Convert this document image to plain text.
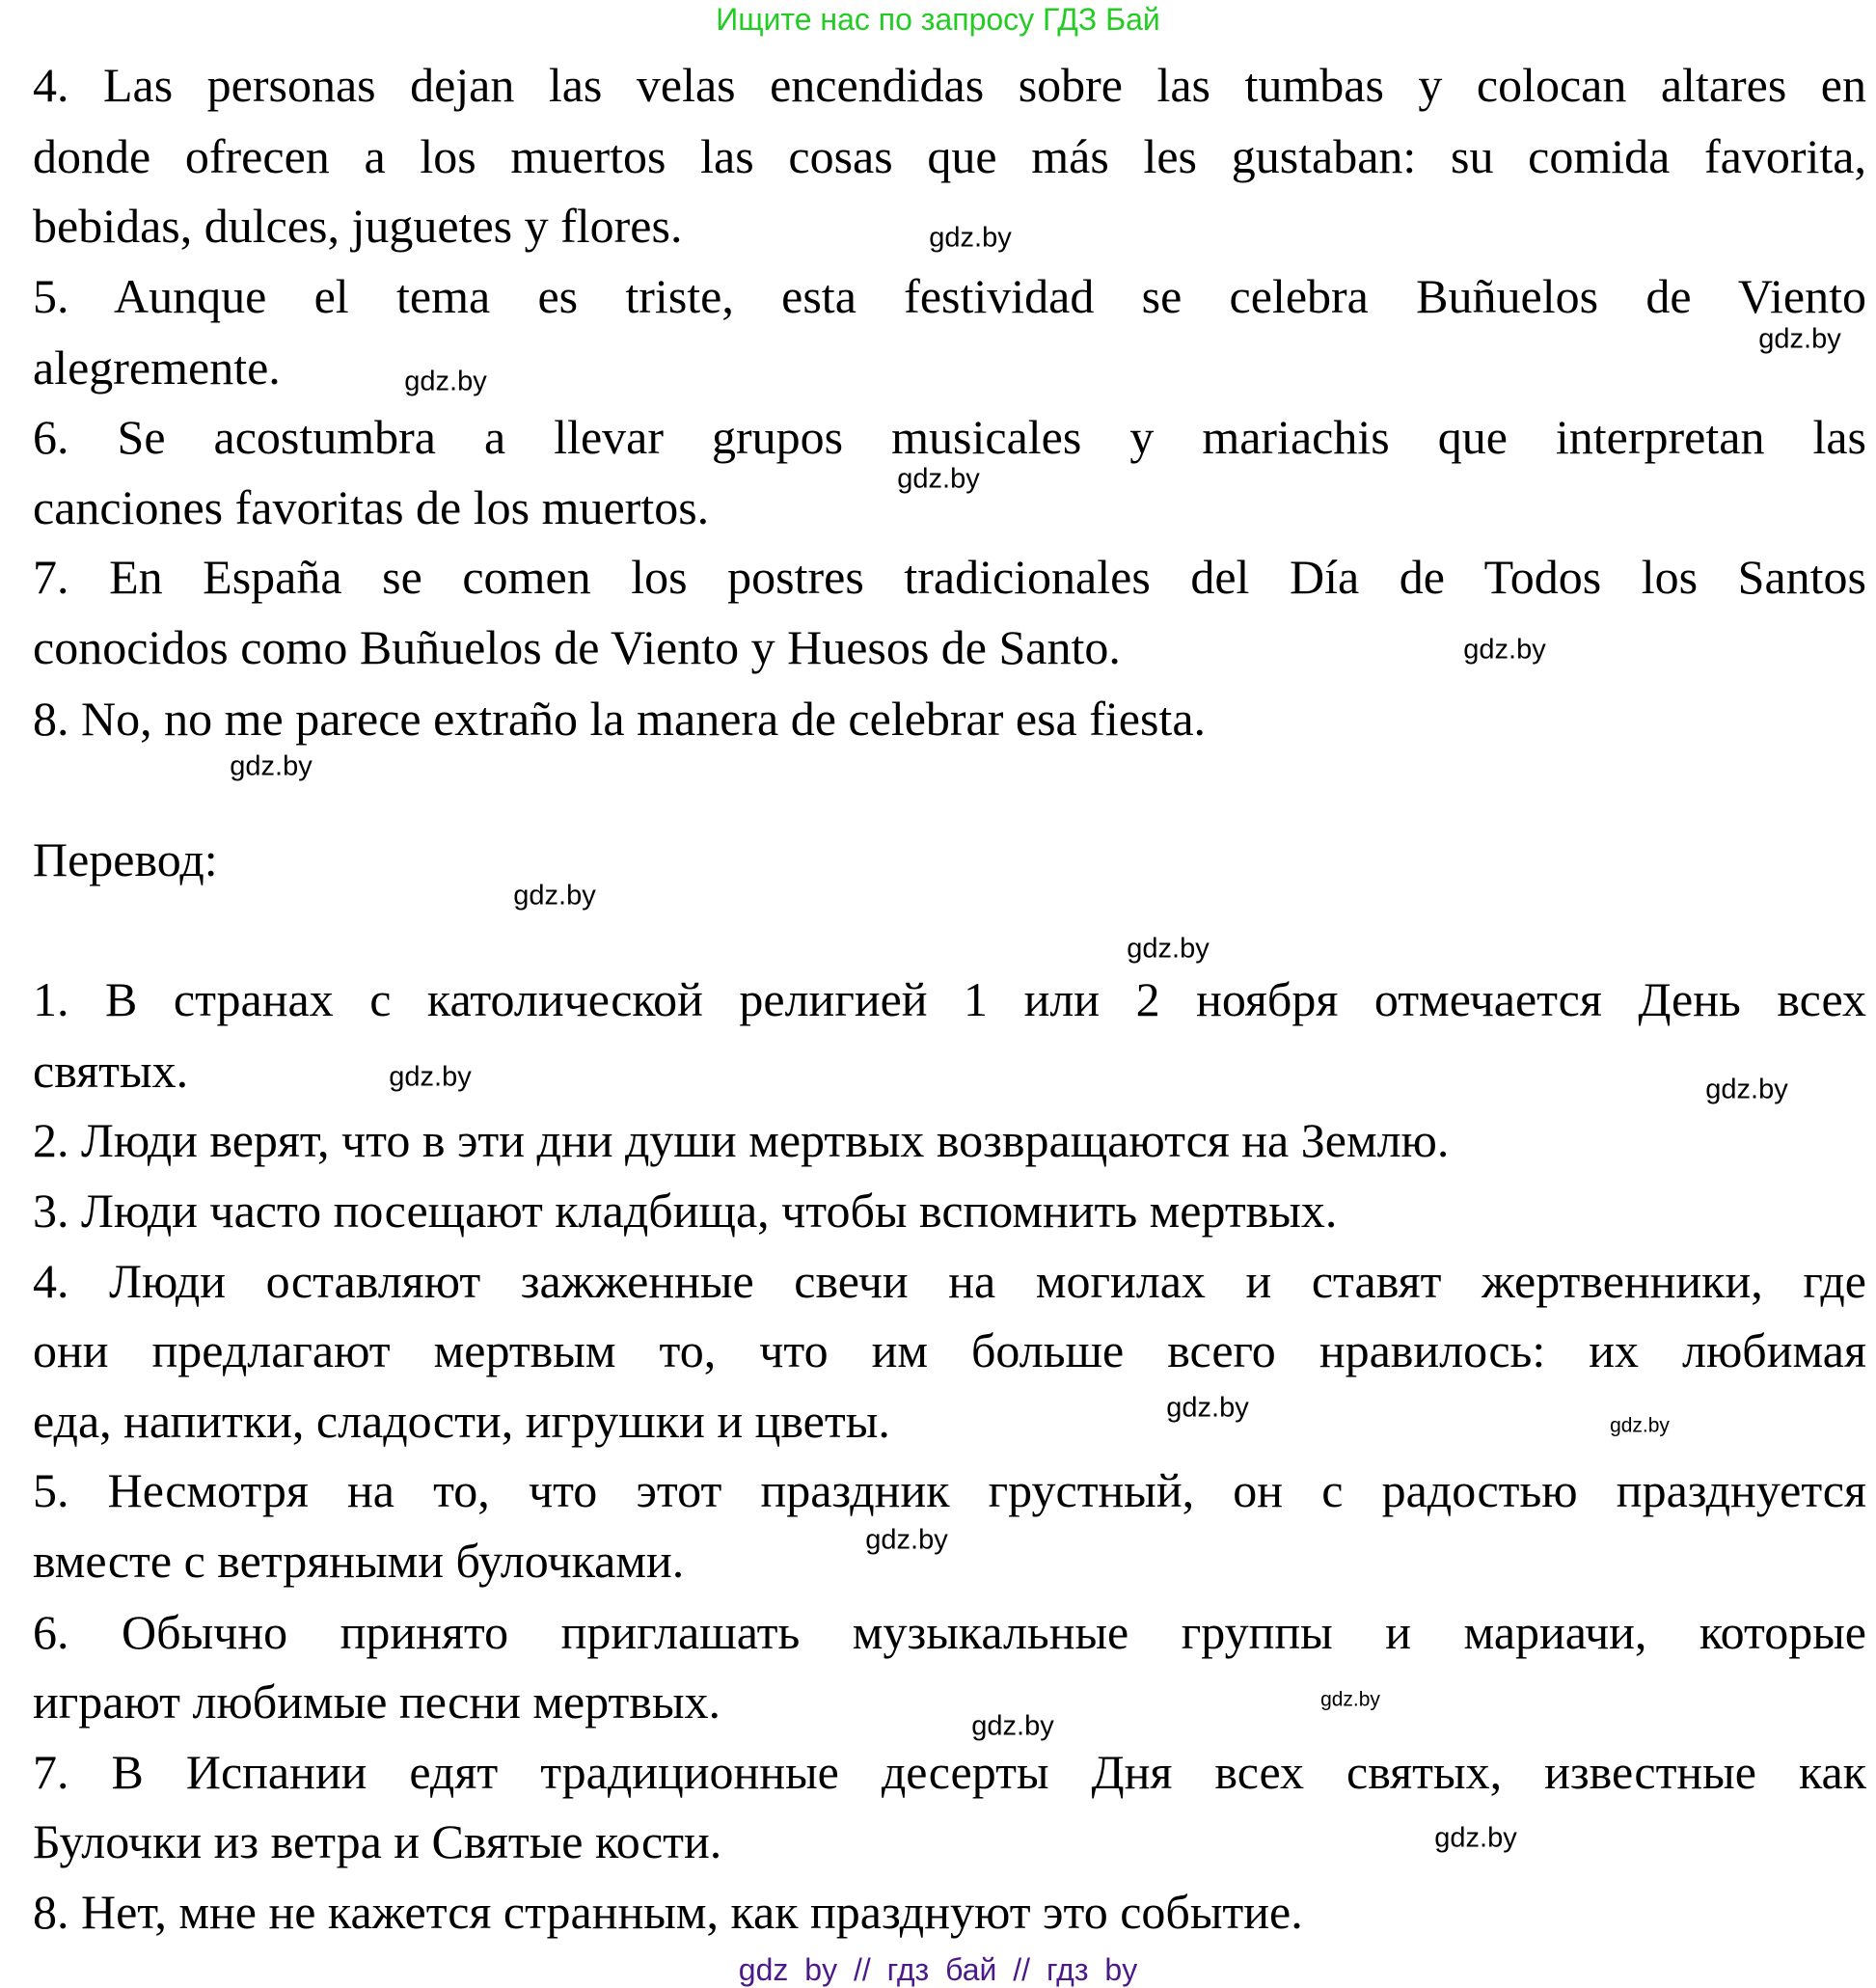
Ищите нас по запросу ГДЗ Бай
4. Las personas dejan las velas encendidas sobre las tumbas y colocan altares en
donde ofrecen a los muertos las cosas que más les gustaban: su comida favorita,
bebidas, dulces, juguetes y flores.
5. Aunque el tema es triste, esta festividad se celebra Buñuelos de Viento
alegremente.
6. Se acostumbra a llevar grupos musicales y mariachis que interpretan las
canciones favoritas de los muertos.
7. En España se comen los postres tradicionales del Día de Todos los Santos
conocidos como Buñuelos de Viento y Huesos de Santo.
8. No, no me parece extraño la manera de celebrar esa fiesta.
Перевод:
1. В странах с католической религией 1 или 2 ноября отмечается День всех
святых.
2. Люди верят, что в эти дни души мертвых возвращаются на Землю.
3. Люди часто посещают кладбища, чтобы вспомнить мертвых.
4. Люди оставляют зажженные свечи на могилах и ставят жертвенники, где
они предлагают мертвым то, что им больше всего нравилось: их любимая
еда, напитки, сладости, игрушки и цветы.
5. Несмотря на то, что этот праздник грустный, он с радостью празднуется
вместе с ветряными булочками.
6. Обычно принято приглашать музыкальные группы и мариачи, которые
играют любимые песни мертвых.
7. В Испании едят традиционные десерты Дня всех святых, известные как
Булочки из ветра и Святые кости.
8. Нет, мне не кажется странным, как празднуют это событие.
gdz.by
gdz.by
gdz.by
gdz.by
gdz.by
gdz.by
gdz.by
gdz.by
gdz.by	gdz.by
gdz.by
gdz.by
gdz.by
gdz.by
gdz.by
gdz.by
gdz by // гдз бай // гдз by
